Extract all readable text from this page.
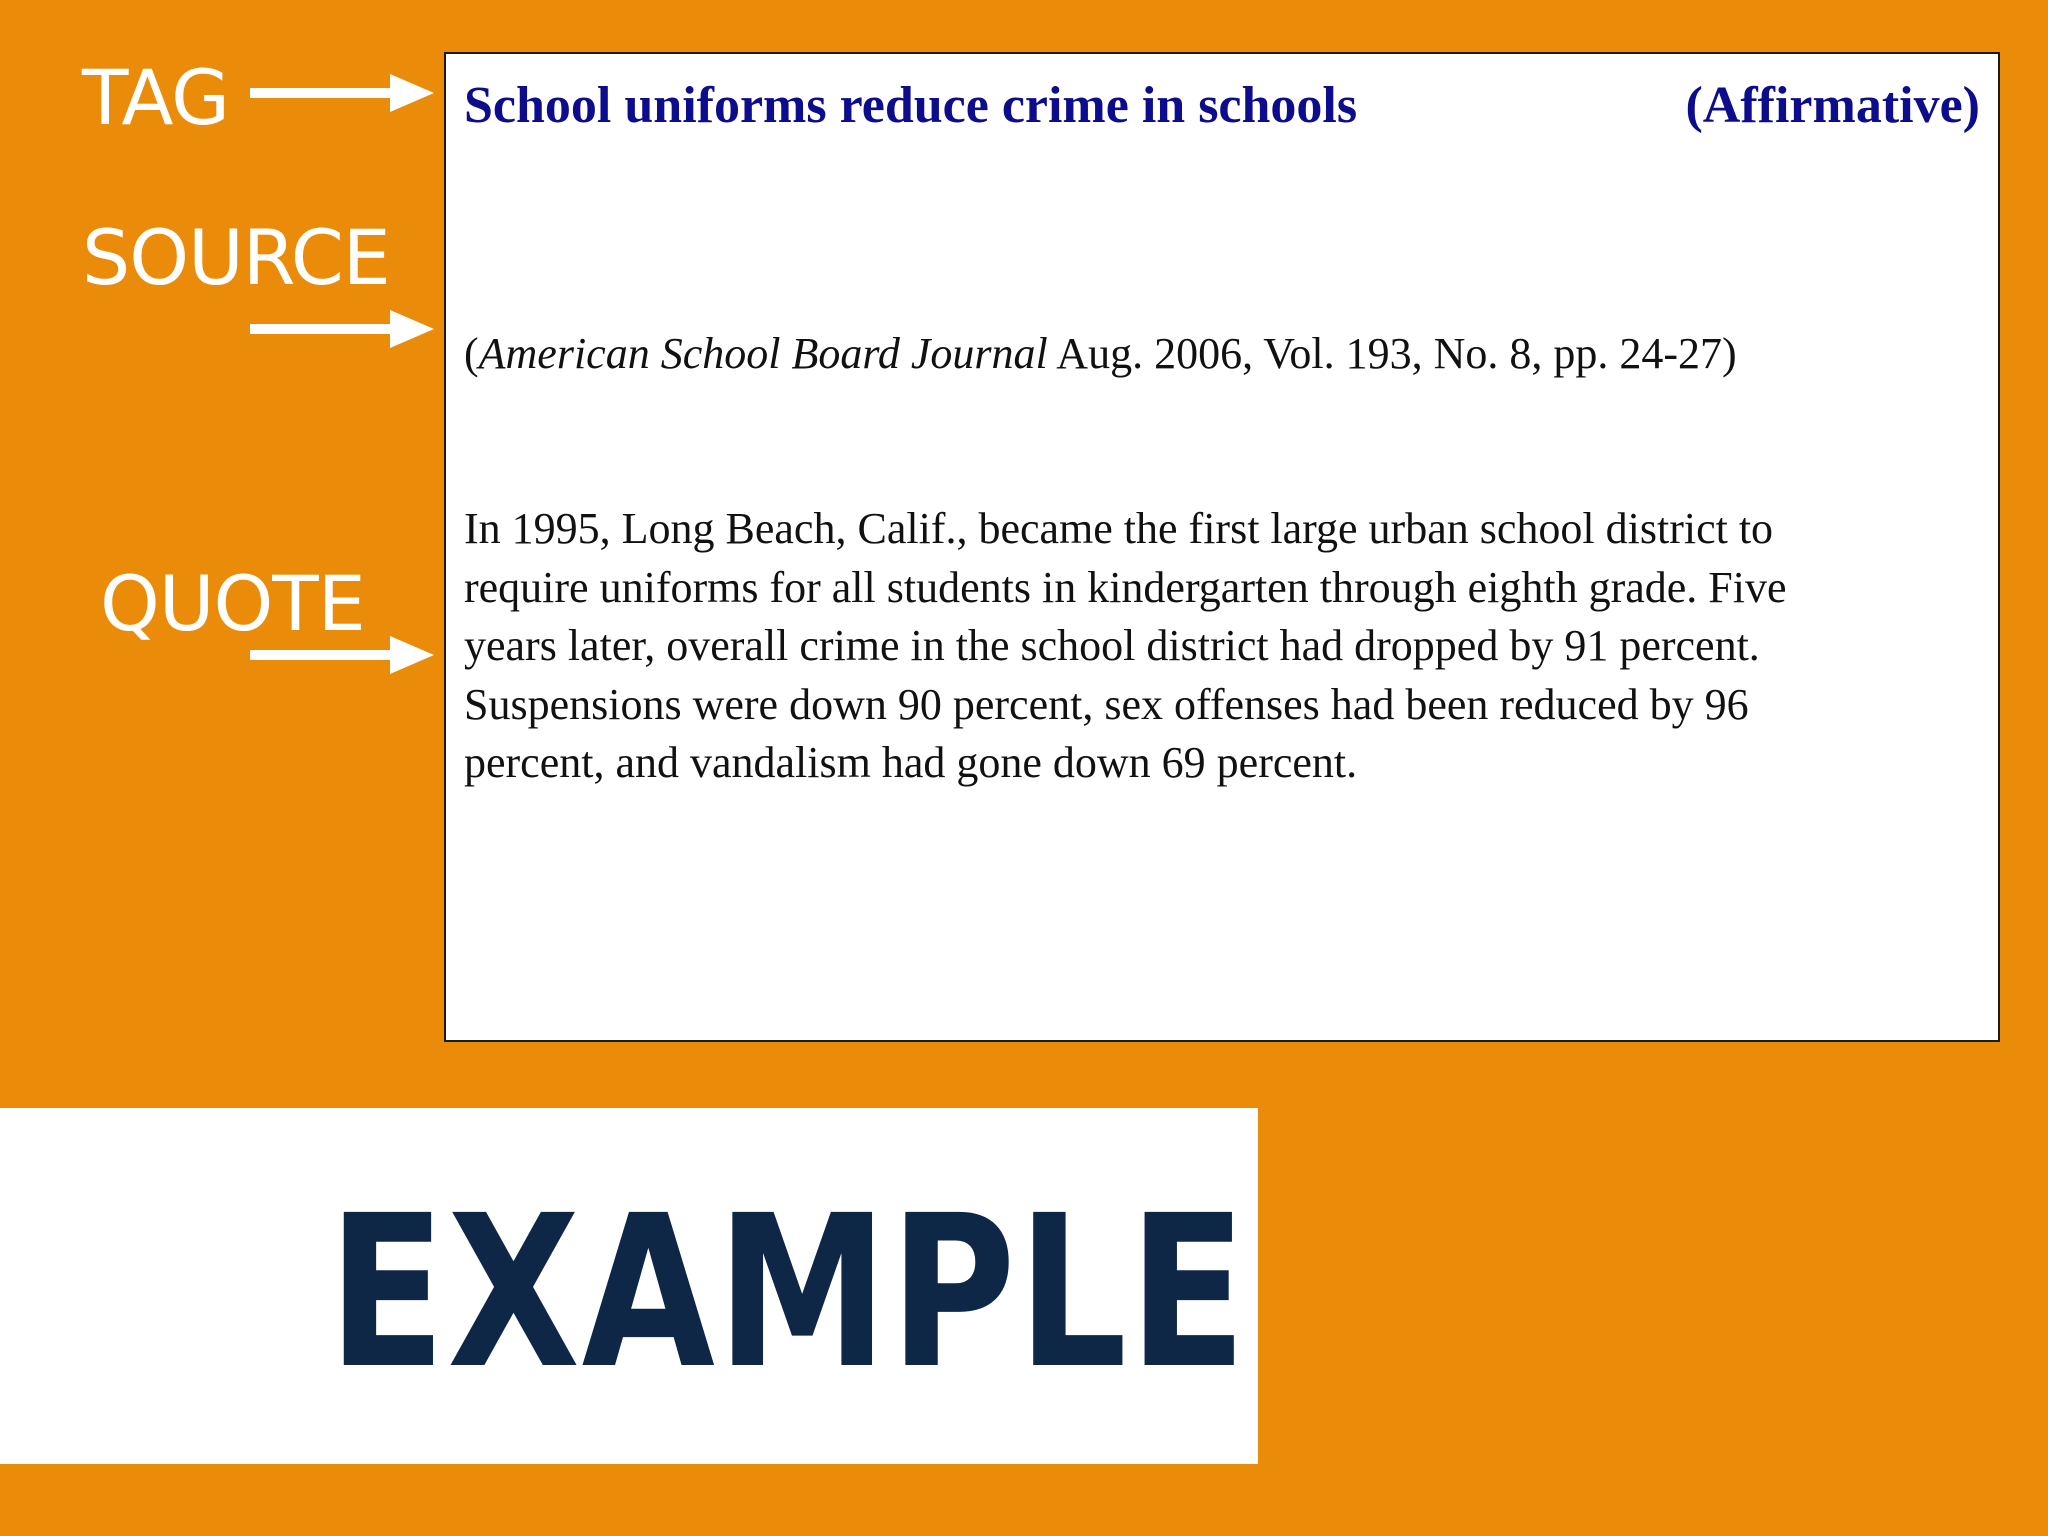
TAG
SOURCE
QUOTE
School uniforms reduce crime in schools	(Affirmative)
(American School Board Journal Aug. 2006, Vol. 193, No. 8, pp. 24-27)
In 1995, Long Beach, Calif., became the first large urban school district to
require uniforms for all students in kindergarten through eighth grade. Five
years later, overall crime in the school district had dropped by 91 percent.
Suspensions were down 90 percent, sex offenses had been reduced by 96
percent, and vandalism had gone down 69 percent.
EXAMPLE
